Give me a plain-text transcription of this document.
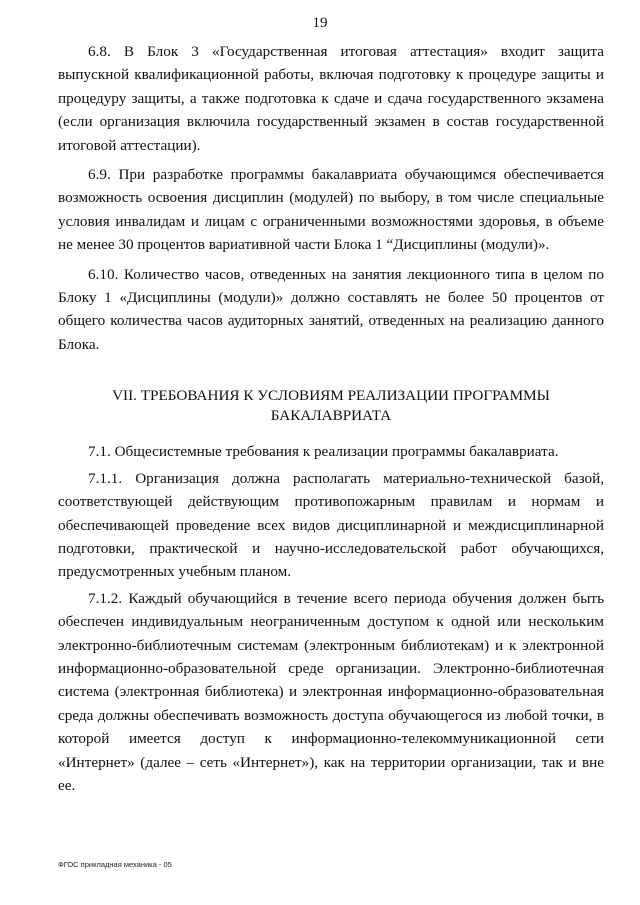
19

6.8. В Блок 3 «Государственная итоговая аттестация» входит защита выпускной квалификационной работы, включая подготовку к процедуре защиты и процедуру защиты, а также подготовка к сдаче и сдача государственного экзамена (если организация включила государственный экзамен в состав государственной итоговой аттестации).

6.9. При разработке программы бакалавриата обучающимся обеспечивается возможность освоения дисциплин (модулей) по выбору, в том числе специальные условия инвалидам и лицам с ограниченными возможностями здоровья, в объеме не менее 30 процентов вариативной части Блока 1 “Дисциплины (модули)».

6.10. Количество часов, отведенных на занятия лекционного типа в целом по Блоку 1 «Дисциплины (модули)» должно составлять не более 50 процентов от общего количества часов аудиторных занятий, отведенных на реализацию данного Блока.

VII. ТРЕБОВАНИЯ К УСЛОВИЯМ РЕАЛИЗАЦИИ ПРОГРАММЫ
БАКАЛАВРИАТА

7.1. Общесистемные требования к реализации программы бакалавриата.

7.1.1. Организация должна располагать материально-технической базой, соответствующей действующим противопожарным правилам и нормам и обеспечивающей проведение всех видов дисциплинарной и междисциплинарной подготовки, практической и научно-исследовательской работ обучающихся, предусмотренных учебным планом.

7.1.2. Каждый обучающийся в течение всего периода обучения должен быть обеспечен индивидуальным неограниченным доступом к одной или нескольким электронно-библиотечным системам (электронным библиотекам) и к электронной информационно-образовательной среде организации. Электронно-библиотечная система (электронная библиотека) и электронная информационно-образовательная среда должны обеспечивать возможность доступа обучающегося из любой точки, в которой имеется доступ к информационно-телекоммуникационной сети «Интернет» (далее – сеть «Интернет»), как на территории организации, так и вне ее.

ФГОС прикладная механика - 05
